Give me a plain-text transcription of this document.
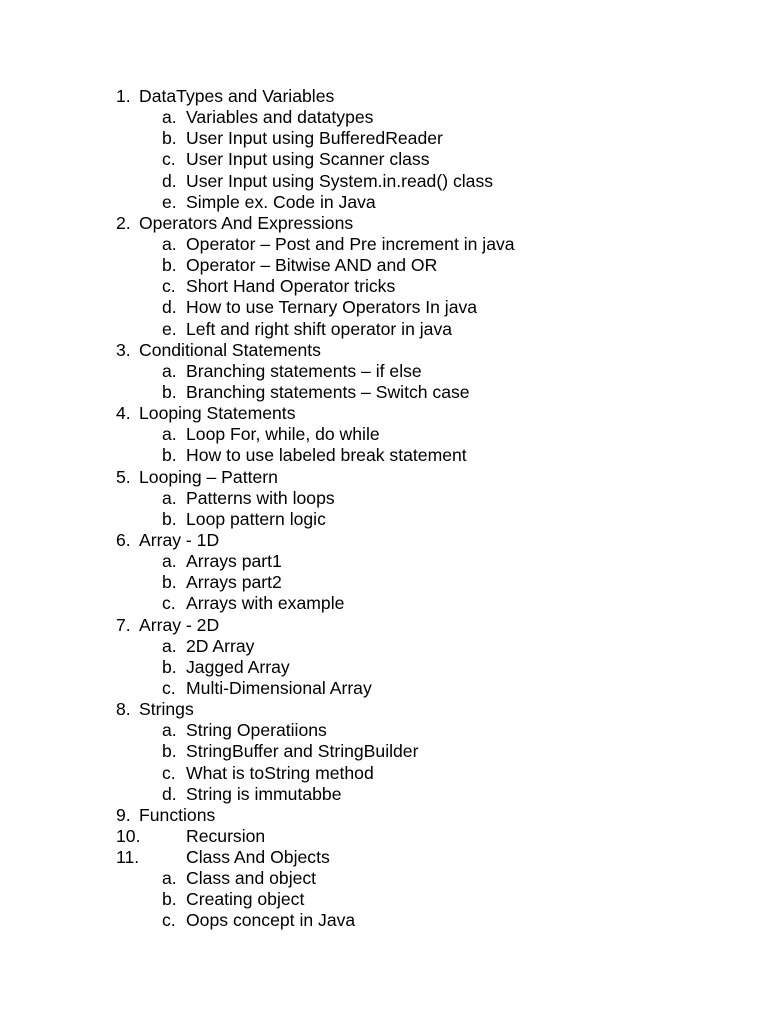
1. DataTypes and Variables
a. Variables and datatypes
b. User Input using BufferedReader
c. User Input using Scanner class
d. User Input using System.in.read() class
e. Simple ex. Code in Java
2. Operators And Expressions
a. Operator – Post and Pre increment in java
b. Operator – Bitwise AND and OR
c. Short Hand Operator tricks
d. How to use Ternary Operators In java
e. Left and right shift operator in java
3. Conditional Statements
a. Branching statements – if else
b. Branching statements – Switch case
4. Looping Statements
a. Loop For, while, do while
b. How to use labeled break statement
5. Looping – Pattern
a. Patterns with loops
b. Loop pattern logic
6. Array - 1D
a. Arrays part1
b. Arrays part2
c. Arrays with example
7. Array - 2D
a. 2D Array
b. Jagged Array
c. Multi-Dimensional Array
8. Strings
a. String Operatiions
b. StringBuffer and StringBuilder
c. What is toString method
d. String is immutabbe
9. Functions
10.	Recursion
11.	Class And Objects
a. Class and object
b. Creating object
c. Oops concept in Java
